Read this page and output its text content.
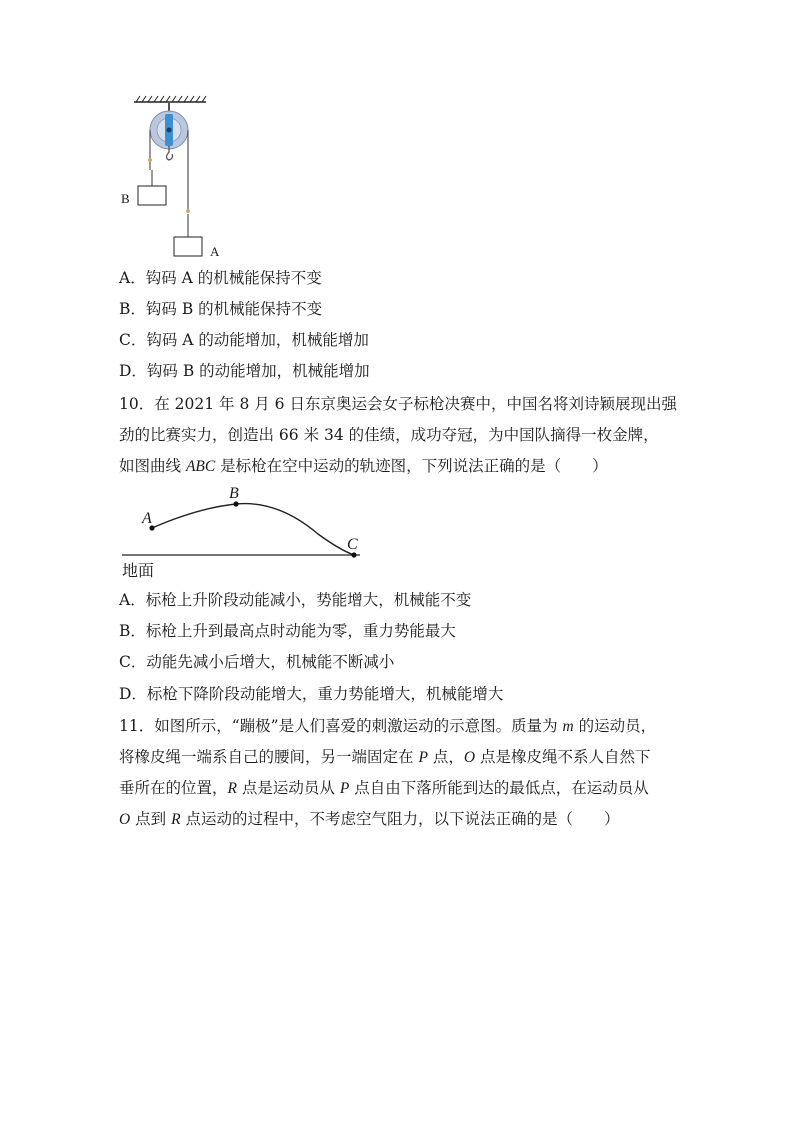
B
A
A．钩码 A 的机械能保持不变
B．钩码 B 的机械能保持不变
C．钩码 A 的动能增加，机械能增加
D．钩码 B 的动能增加，机械能增加
10．在 2021 年 8 月 6 日东京奥运会女子标枪决赛中，中国名将刘诗颖展现出强
劲的比赛实力，创造出 66 米 34 的佳绩，成功夺冠，为中国队摘得一枚金牌，
如图曲线 ABC 是标枪在空中运动的轨迹图，下列说法正确的是（　　）
A
B
C
地面
A．标枪上升阶段动能减小，势能增大，机械能不变
B．标枪上升到最高点时动能为零，重力势能最大
C．动能先减小后增大，机械能不断减小
D．标枪下降阶段动能增大，重力势能增大，机械能增大
11．如图所示，“蹦极”是人们喜爱的刺激运动的示意图。质量为 m 的运动员，
将橡皮绳一端系自己的腰间，另一端固定在 P 点，O 点是橡皮绳不系人自然下
垂所在的位置，R 点是运动员从 P 点自由下落所能到达的最低点，在运动员从
O 点到 R 点运动的过程中，不考虑空气阻力，以下说法正确的是（　　）
